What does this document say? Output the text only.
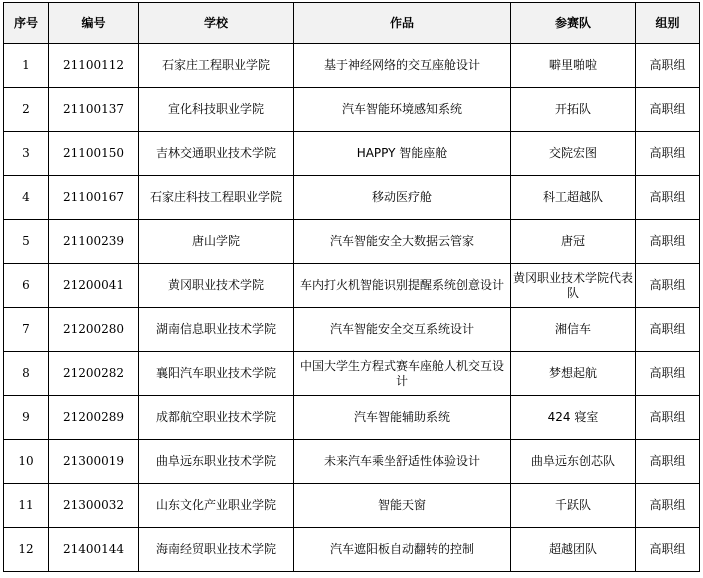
序号	编号	学校	作品	参赛队	组别
1	21100112	石家庄工程职业学院	基于神经网络的交互座舱设计	噼里啪啦	高职组
2	21100137	宣化科技职业学院	汽车智能环境感知系统	开拓队	高职组
3	21100150	吉林交通职业技术学院	HAPPY 智能座舱	交院宏图	高职组
4	21100167	石家庄科技工程职业学院	移动医疗舱	科工超越队	高职组
5	21100239	唐山学院	汽车智能安全大数据云管家	唐冠	高职组
6	21200041	黄冈职业技术学院	车内打火机智能识别提醒系统创意设计	黄冈职业技术学院代表队	高职组
7	21200280	湖南信息职业技术学院	汽车智能安全交互系统设计	湘信车	高职组
8	21200282	襄阳汽车职业技术学院	中国大学生方程式赛车座舱人机交互设计	梦想起航	高职组
9	21200289	成都航空职业技术学院	汽车智能辅助系统	424 寝室	高职组
10	21300019	曲阜远东职业技术学院	未来汽车乘坐舒适性体验设计	曲阜远东创芯队	高职组
11	21300032	山东文化产业职业学院	智能天窗	千跃队	高职组
12	21400144	海南经贸职业技术学院	汽车遮阳板自动翻转的控制	超越团队	高职组
